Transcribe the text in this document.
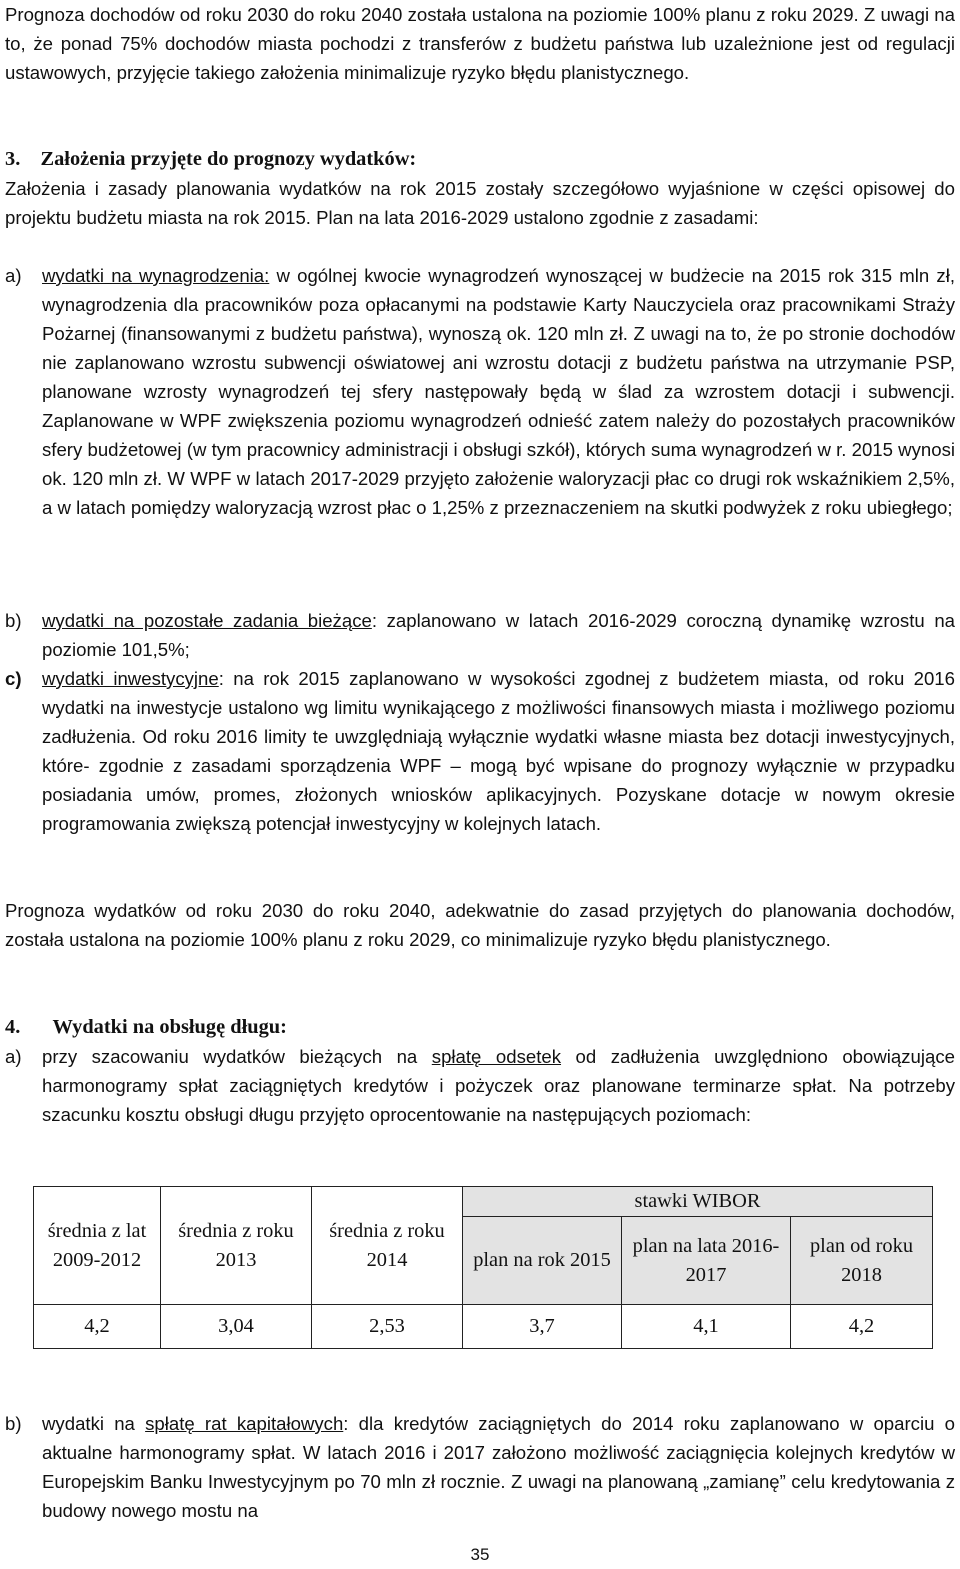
Prognoza dochodów od roku 2030 do roku 2040 została ustalona na poziomie 100% planu z roku 2029. Z uwagi na to, że ponad 75% dochodów miasta pochodzi z transferów z budżetu państwa lub uzależnione jest od regulacji ustawowych, przyjęcie takiego założenia minimalizuje ryzyko błędu planistycznego.

3. Założenia przyjęte do prognozy wydatków:

Założenia i zasady planowania wydatków na rok 2015 zostały szczegółowo wyjaśnione w części opisowej do projektu budżetu miasta na rok 2015. Plan na lata 2016-2029 ustalono zgodnie z zasadami:

a)	wydatki na wynagrodzenia: w ogólnej kwocie wynagrodzeń wynoszącej w budżecie na 2015 rok 315 mln zł, wynagrodzenia dla pracowników poza opłacanymi na podstawie Karty Nauczyciela oraz pracownikami Straży Pożarnej (finansowanymi z budżetu państwa), wynoszą ok. 120 mln zł. Z uwagi na to, że po stronie dochodów nie zaplanowano wzrostu subwencji oświatowej ani wzrostu dotacji z budżetu państwa na utrzymanie PSP, planowane wzrosty wynagrodzeń tej sfery następowały będą w ślad za wzrostem dotacji i subwencji. Zaplanowane w WPF zwiększenia poziomu wynagrodzeń odnieść zatem należy do pozostałych pracowników sfery budżetowej (w tym pracownicy administracji i obsługi szkół), których suma wynagrodzeń w r. 2015 wynosi ok. 120 mln zł. W WPF w latach 2017-2029 przyjęto założenie waloryzacji płac co drugi rok wskaźnikiem 2,5%, a w latach pomiędzy waloryzacją wzrost płac o 1,25% z przeznaczeniem na skutki podwyżek z roku ubiegłego;

b)	wydatki na pozostałe zadania bieżące: zaplanowano w latach 2016-2029 coroczną dynamikę wzrostu na poziomie 101,5%;

c)	wydatki inwestycyjne: na rok 2015 zaplanowano w wysokości zgodnej z budżetem miasta, od roku 2016 wydatki na inwestycje ustalono wg limitu wynikającego z możliwości finansowych miasta i możliwego poziomu zadłużenia. Od roku 2016 limity te uwzględniają wyłącznie wydatki własne miasta bez dotacji inwestycyjnych, które- zgodnie z zasadami sporządzenia WPF – mogą być wpisane do prognozy wyłącznie w przypadku posiadania umów, promes, złożonych wniosków aplikacyjnych. Pozyskane dotacje w nowym okresie programowania zwiększą potencjał inwestycyjny w kolejnych latach.

Prognoza wydatków od roku 2030 do roku 2040, adekwatnie do zasad przyjętych do planowania dochodów, została ustalona na poziomie 100% planu z roku 2029, co minimalizuje ryzyko błędu planistycznego.

4. Wydatki na obsługę długu:
a)	przy szacowaniu wydatków bieżących na spłatę odsetek od zadłużenia uwzględniono obowiązujące harmonogramy spłat zaciągniętych kredytów i pożyczek oraz planowane terminarze spłat. Na potrzeby szacunku kosztu obsługi długu przyjęto oprocentowanie na następujących poziomach:

średnia z lat 2009-2012	średnia z roku 2013	średnia z roku 2014	stawki WIBOR		
			plan na rok 2015	plan na lata 2016-2017	plan od roku 2018
4,2	3,04	2,53	3,7	4,1	4,2
b)	wydatki na spłatę rat kapitałowych: dla kredytów zaciągniętych do 2014 roku zaplanowano w oparciu o aktualne harmonogramy spłat. W latach 2016 i 2017 założono możliwość zaciągnięcia kolejnych kredytów w Europejskim Banku Inwestycyjnym po 70 mln zł rocznie. Z uwagi na planowaną „zamianę” celu kredytowania z budowy nowego mostu na

35
